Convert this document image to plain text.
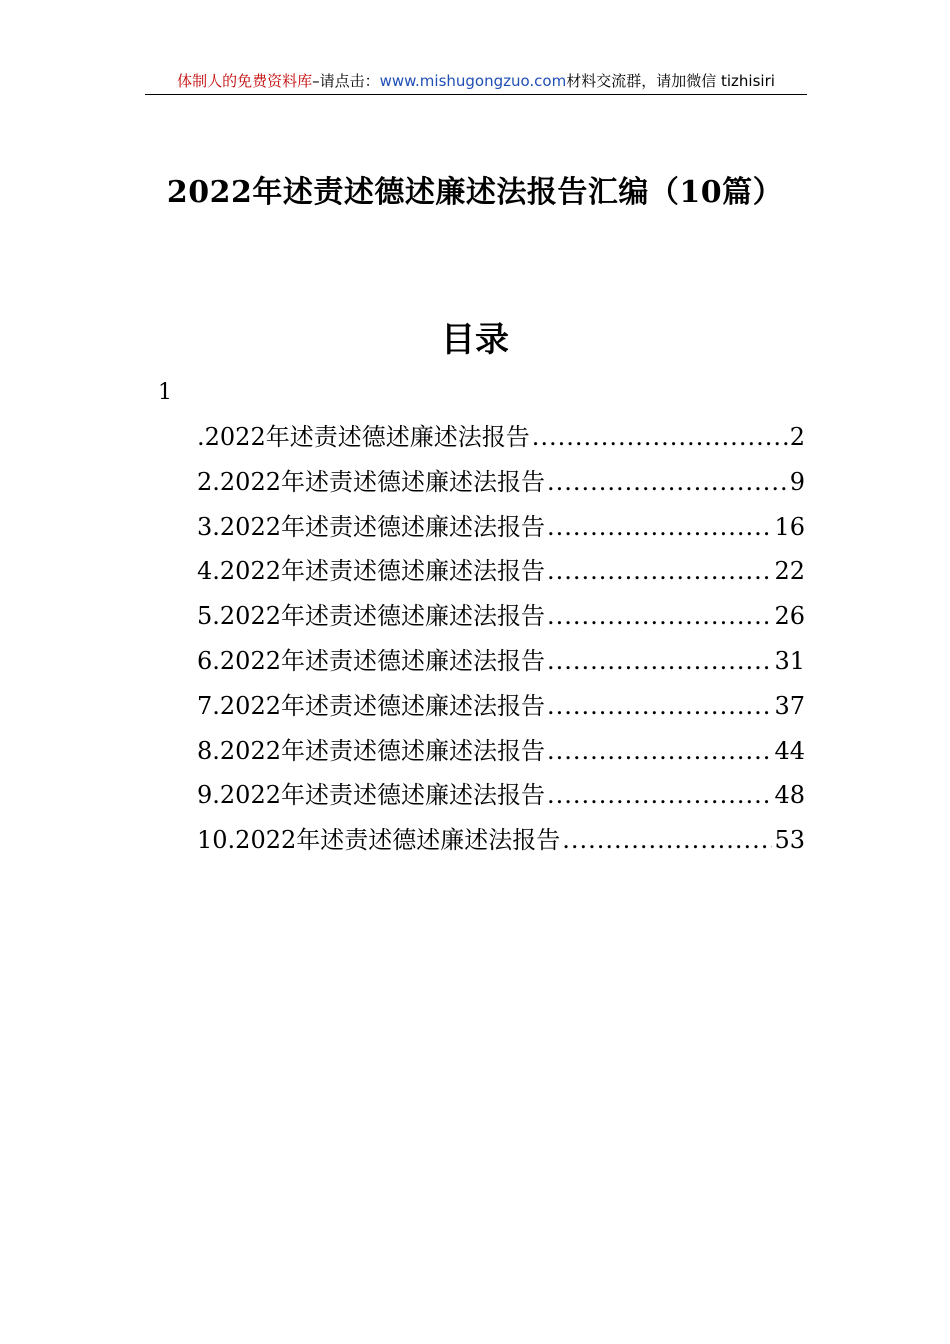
体制人的免费资料库–请点击：www.mishugongzuo.com材料交流群，请加微信 tizhisiri
2022年述责述德述廉述法报告汇编（10篇）
目录
1
.2022年述责述德述廉述法报告 .....	2
2. 2022年述责述德述廉述法报告 .....	9
3. 2022年述责述德述廉述法报告 .....	16
4. 2022年述责述德述廉述法报告 .....	22
5. 2022年述责述德述廉述法报告 .....	26
6. 2022年述责述德述廉述法报告 .....	31
7. 2022年述责述德述廉述法报告 .....	37
8. 2022年述责述德述廉述法报告 .....	44
9. 2022年述责述德述廉述法报告 .....	48
10. 2022年述责述德述廉述法报告 .....	53
